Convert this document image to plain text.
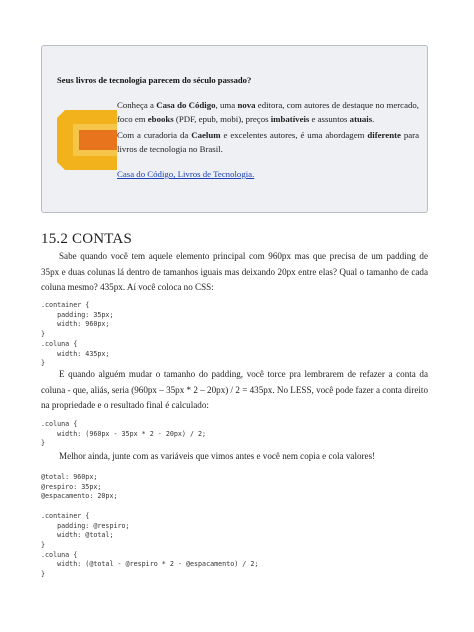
Seus livros de tecnologia parecem do século passado?

Conheça a Casa do Código, uma nova editora, com autores de destaque no mercado, foco em ebooks (PDF, epub, mobi), preços imbatíveis e assuntos atuais.

Com a curadoria da Caelum e excelentes autores, é uma abordagem diferente para livros de tecnologia no Brasil.

Casa do Código, Livros de Tecnologia.

15.2 CONTAS

Sabe quando você tem aquele elemento principal com 960px mas que precisa de um padding de 35px e duas colunas lá dentro de tamanhos iguais mas deixando 20px entre elas? Qual o tamanho de cada coluna mesmo? 435px. Aí você coloca no CSS:

.container {
padding: 35px;
width: 960px;
}
.coluna {
width: 435px;
}

E quando alguém mudar o tamanho do padding, você torce pra lembrarem de refazer a conta da coluna - que, aliás, seria (960px – 35px * 2 – 20px) / 2 = 435px. No LESS, você pode fazer a conta direito na propriedade e o resultado final é calculado:

.coluna {
width: (960px - 35px * 2 - 20px) / 2;
}

Melhor ainda, junte com as variáveis que vimos antes e você nem copia e cola valores!

@total: 960px;
@respiro: 35px;
@espacamento: 20px;

.container {
padding: @respiro;
width: @total;
}
.coluna {
width: (@total - @respiro * 2 - @espacamento) / 2;
}
